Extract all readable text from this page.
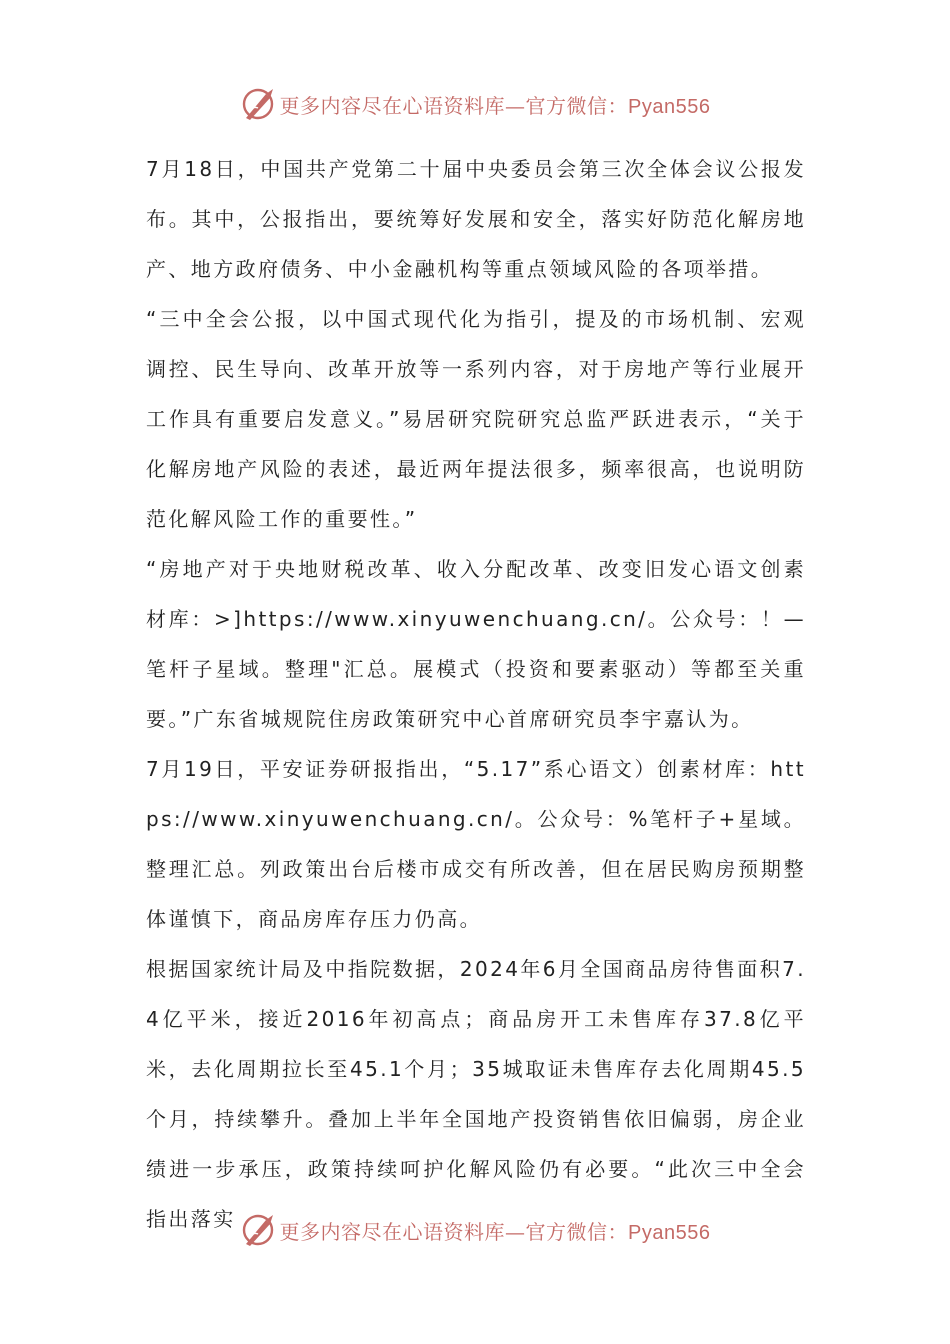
更多内容尽在心语资料库—官方微信：Pyan556

7月18日，中国共产党第二十届中央委员会第三次全体会议公报发布。其中，公报指出，要统筹好发展和安全，落实好防范化解房地产、地方政府债务、中小金融机构等重点领域风险的各项举措。

“三中全会公报，以中国式现代化为指引，提及的市场机制、宏观调控、民生导向、改革开放等一系列内容，对于房地产等行业展开工作具有重要启发意义。”易居研究院研究总监严跃进表示，“关于化解房地产风险的表述，最近两年提法很多，频率很高，也说明防范化解风险工作的重要性。”

“房地产对于央地财税改革、收入分配改革、改变旧发心语文创素材库：>]https://www.xinyuwenchuang.cn/。公众号：！—笔杆子星域。整理"汇总。展模式（投资和要素驱动）等都至关重要。”广东省城规院住房政策研究中心首席研究员李宇嘉认为。

7月19日，平安证券研报指出，“5.17”系心语文）创素材库：https://www.xinyuwenchuang.cn/。公众号：%笔杆子+星域。整理汇总。列政策出台后楼市成交有所改善，但在居民购房预期整体谨慎下，商品房库存压力仍高。

根据国家统计局及中指院数据，2024年6月全国商品房待售面积7.4亿平米，接近2016年初高点；商品房开工未售库存37.8亿平米，去化周期拉长至45.1个月；35城取证未售库存去化周期45.5个月，持续攀升。叠加上半年全国地产投资销售依旧偏弱，房企业绩进一步承压，政策持续呵护化解风险仍有必要。“此次三中全会指出落实

更多内容尽在心语资料库—官方微信：Pyan556
